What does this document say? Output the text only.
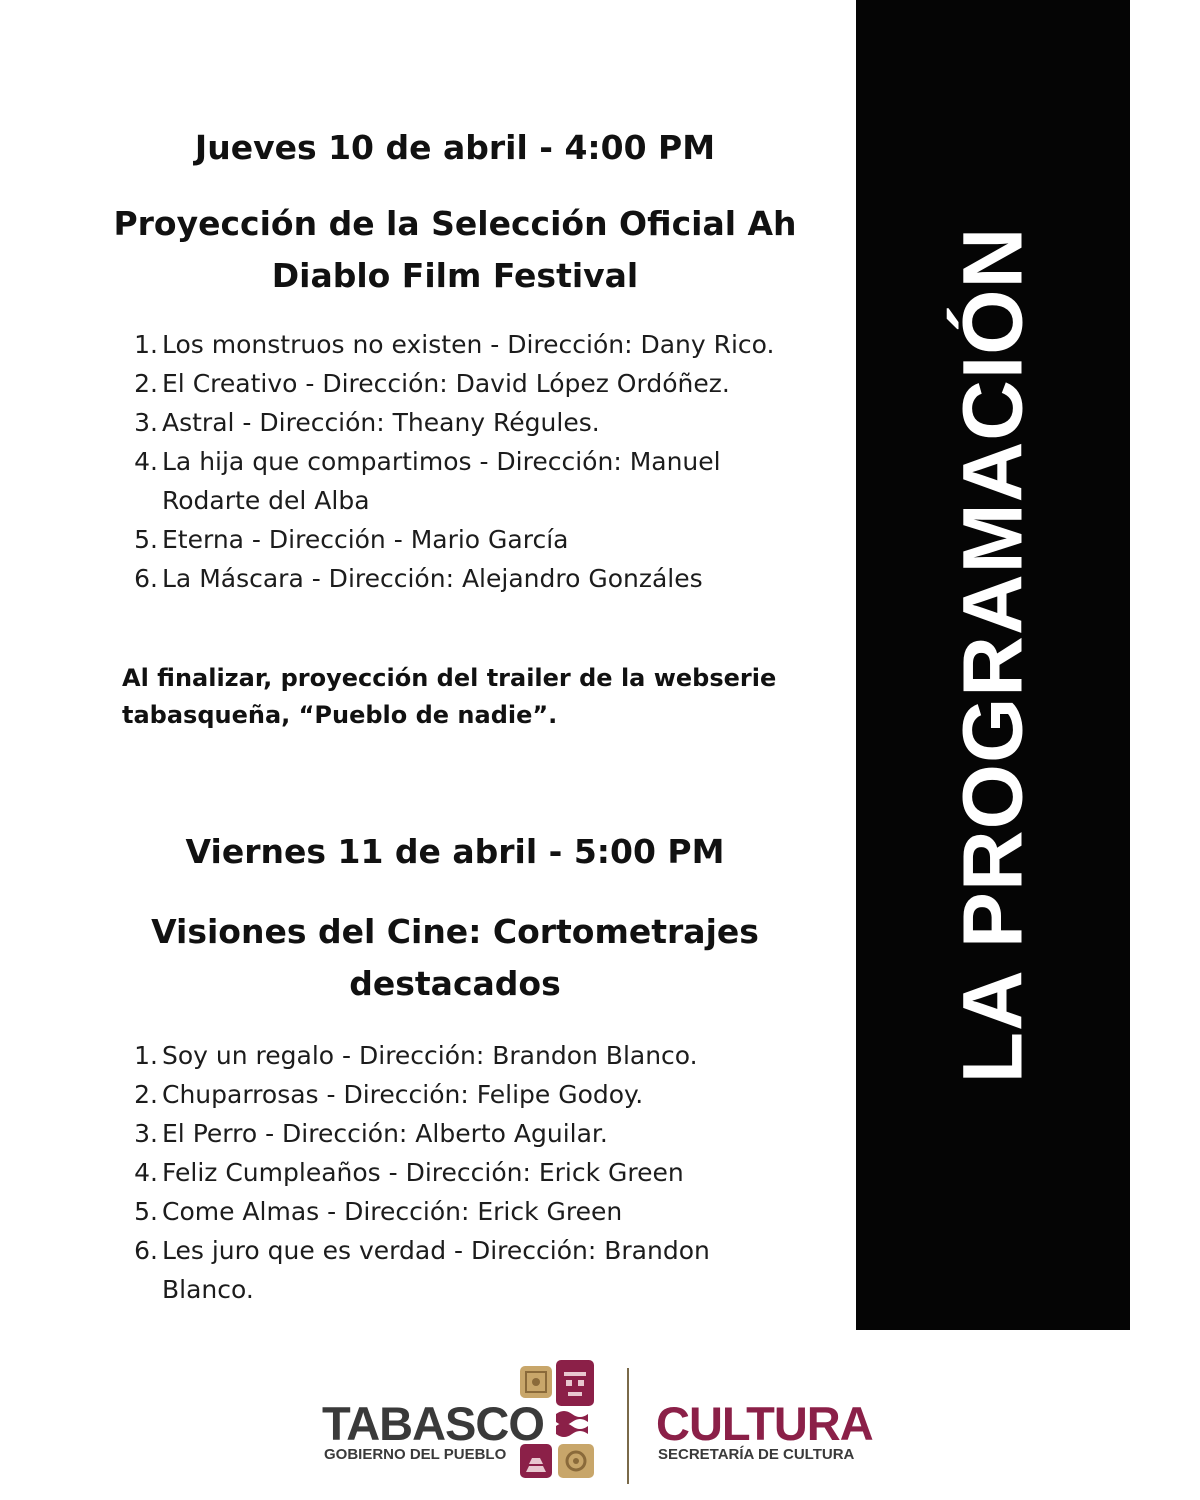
Jueves 10 de abril - 4:00 PM
Proyección de la Selección Oficial Ah
Diablo Film Festival
1. Los monstruos no existen - Dirección: Dany Rico.
2. El Creativo - Dirección: David López Ordóñez.
3. Astral - Dirección: Theany Régules.
4. La hija que compartimos - Dirección: Manuel
Rodarte del Alba
5. Eterna - Dirección - Mario García
6. La Máscara - Dirección: Alejandro Gonzáles
Al finalizar, proyección del trailer de la webserie
tabasqueña, “Pueblo de nadie”.
Viernes 11 de abril - 5:00 PM
Visiones del Cine: Cortometrajes
destacados
1. Soy un regalo - Dirección: Brandon Blanco.
2. Chuparrosas - Dirección: Felipe Godoy.
3. El Perro - Dirección: Alberto Aguilar.
4. Feliz Cumpleaños - Dirección: Erick Green
5. Come Almas - Dirección: Erick Green
6. Les juro que es verdad - Dirección: Brandon
Blanco.
LA PROGRAMACIÓN
TABASCO
GOBIERNO DEL PUEBLO
CULTURA
SECRETARÍA DE CULTURA
